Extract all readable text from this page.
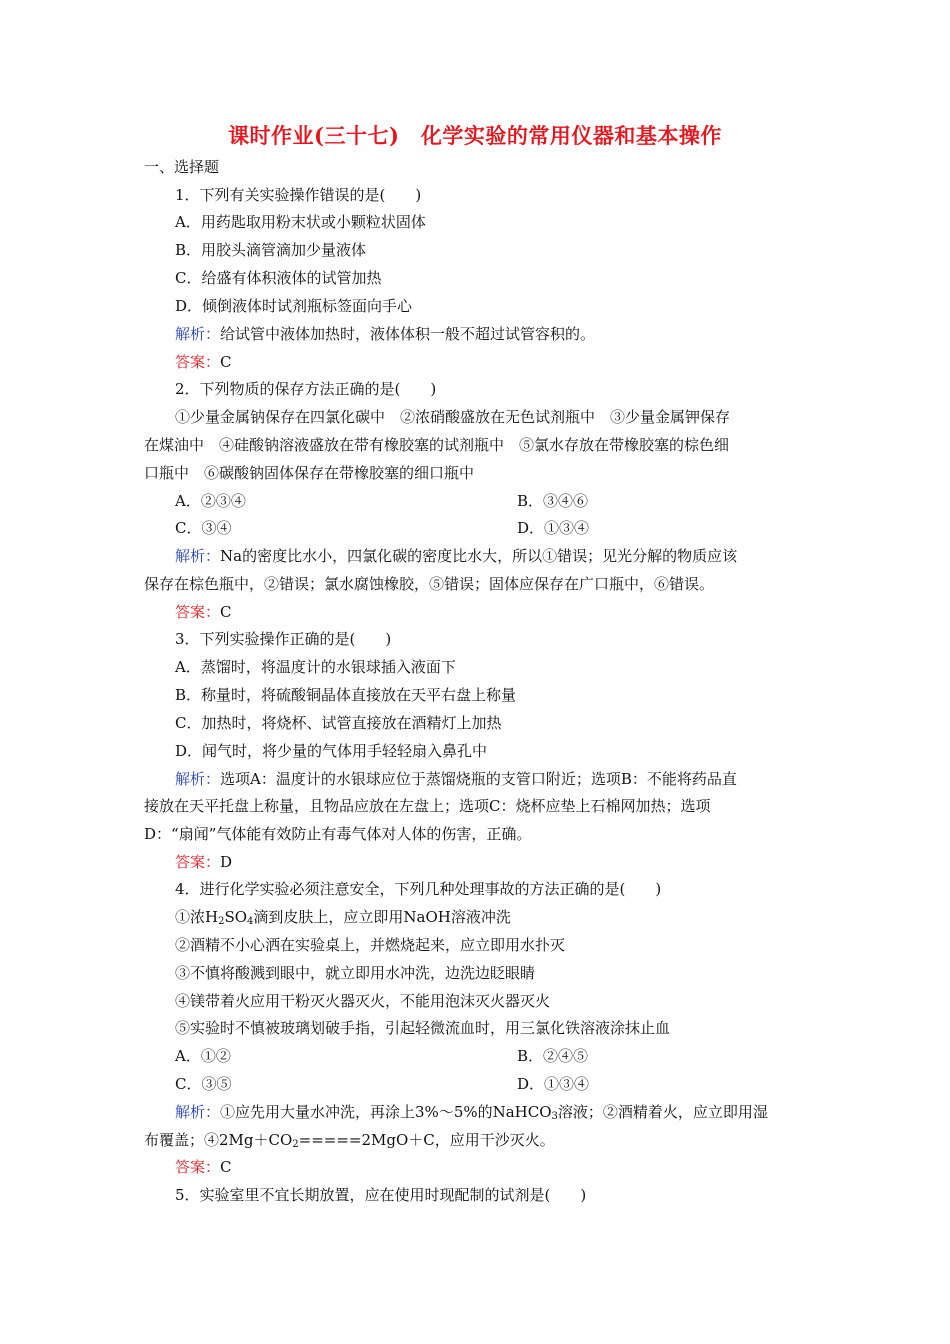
课时作业(三十七)　化学实验的常用仪器和基本操作
一、选择题
1．下列有关实验操作错误的是(　　)
A．用药匙取用粉末状或小颗粒状固体
B．用胶头滴管滴加少量液体
C．给盛有体积液体的试管加热
D．倾倒液体时试剂瓶标签面向手心
解析：给试管中液体加热时，液体体积一般不超过试管容积的。
答案：C
2．下列物质的保存方法正确的是(　　)
①少量金属钠保存在四氯化碳中　②浓硝酸盛放在无色试剂瓶中　③少量金属钾保存
在煤油中　④硅酸钠溶液盛放在带有橡胶塞的试剂瓶中　⑤氯水存放在带橡胶塞的棕色细
口瓶中　⑥碳酸钠固体保存在带橡胶塞的细口瓶中
A．②③④	B．③④⑥
C．③④	D．①③④
解析：Na的密度比水小，四氯化碳的密度比水大，所以①错误；见光分解的物质应该
保存在棕色瓶中，②错误；氯水腐蚀橡胶，⑤错误；固体应保存在广口瓶中，⑥错误。
答案：C
3．下列实验操作正确的是(　　)
A．蒸馏时，将温度计的水银球插入液面下
B．称量时，将硫酸铜晶体直接放在天平右盘上称量
C．加热时，将烧杯、试管直接放在酒精灯上加热
D．闻气时，将少量的气体用手轻轻扇入鼻孔中
解析：选项A：温度计的水银球应位于蒸馏烧瓶的支管口附近；选项B：不能将药品直
接放在天平托盘上称量，且物品应放在左盘上；选项C：烧杯应垫上石棉网加热；选项
D：“扇闻”气体能有效防止有毒气体对人体的伤害，正确。
答案：D
4．进行化学实验必须注意安全，下列几种处理事故的方法正确的是(　　)
①浓$H_2SO_4$滴到皮肤上，应立即用NaOH溶液冲洗
②酒精不小心洒在实验桌上，并燃烧起来，应立即用水扑灭
③不慎将酸溅到眼中，就立即用水冲洗，边洗边眨眼睛
④镁带着火应用干粉灭火器灭火，不能用泡沫灭火器灭火
⑤实验时不慎被玻璃划破手指，引起轻微流血时，用三氯化铁溶液涂抹止血
A．①②	B．②④⑤
C．③⑤	D．①③④
解析：①应先用大量水冲洗，再涂上3%～5%的NaHCO$_3$溶液；②酒精着火，应立即用湿
布覆盖；$④2Mg+CO_2=====2MgO+C$，应用干沙灭火。
答案：C
5．实验室里不宜长期放置，应在使用时现配制的试剂是(　　)
